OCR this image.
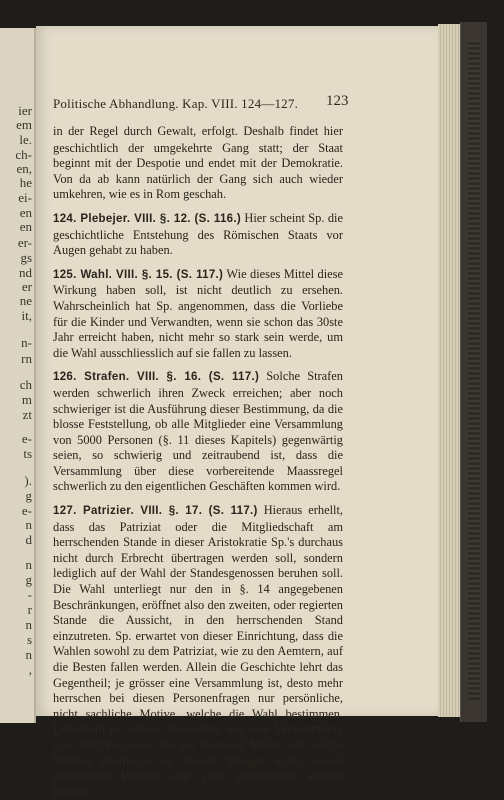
ier
em
le.
ch-
en,
he
ei-
en
en
er-
gs
nd
er
ne
it,
n-
rn
ch
m
zt
e-
ts
).
g
e-
n
d
n
g
-
r
n
s
n
,
Politische Abhandlung. Kap. VIII. 124—127.	123

in der Regel durch Gewalt, erfolgt. Deshalb findet hier geschichtlich der umgekehrte Gang statt; der Staat beginnt mit der Despotie und endet mit der Demokratie. Von da ab kann natürlich der Gang sich auch wieder umkehren, wie es in Rom geschah.

124. Plebejer. VIII. §. 12. (S. 116.) Hier scheint Sp. die geschichtliche Entstehung des Römischen Staats vor Augen gehabt zu haben.

125. Wahl. VIII. §. 15. (S. 117.) Wie dieses Mittel diese Wirkung haben soll, ist nicht deutlich zu ersehen. Wahrscheinlich hat Sp. angenommen, dass die Vorliebe für die Kinder und Verwandten, wenn sie schon das 30ste Jahr erreicht haben, nicht mehr so stark sein werde, um die Wahl ausschliesslich auf sie fallen zu lassen.

126. Strafen. VIII. §. 16. (S. 117.) Solche Strafen werden schwerlich ihren Zweck erreichen; aber noch schwieriger ist die Ausführung dieser Bestimmung, da die blosse Feststellung, ob alle Mitglieder eine Versammlung von 5000 Personen (§. 11 dieses Kapitels) gegenwärtig seien, so schwierig und zeitraubend ist, dass die Versammlung über diese vorbereitende Maassregel schwerlich zu den eigentlichen Geschäften kommen wird.

127. Patrizier. VIII. §. 17. (S. 117.) Hieraus erhellt, dass das Patriziat oder die Mitgliedschaft am herrschenden Stande in dieser Aristokratie Sp.'s durchaus nicht durch Erbrecht übertragen werden soll, sondern lediglich auf der Wahl der Standesgenossen beruhen soll. Die Wahl unterliegt nur den in §. 14 angegebenen Beschränkungen, eröffnet also den zweiten, oder regierten Stande die Aussicht, in den herrschenden Stand einzutreten. Sp. erwartet von dieser Einrichtung, dass die Wahlen sowohl zu dem Patriziat, wie zu den Aemtern, auf die Besten fallen werden. Allein die Geschichte lehrt das Gegentheil; je grösser eine Versammlung ist, desto mehr herrschen bei diesen Personenfragen nur persönliche, nicht sachliche Motive, welche die Wahl bestimmen. Ueberdem ist schwer abzusehen, wie eine Versammlung von 5000 Personen, bei der Niemand fehlen soll, solche Wahlen überhaupt zu Stande bringen kann, zumal dergleichen Wahlen sehr viele vorkommen werden können.
